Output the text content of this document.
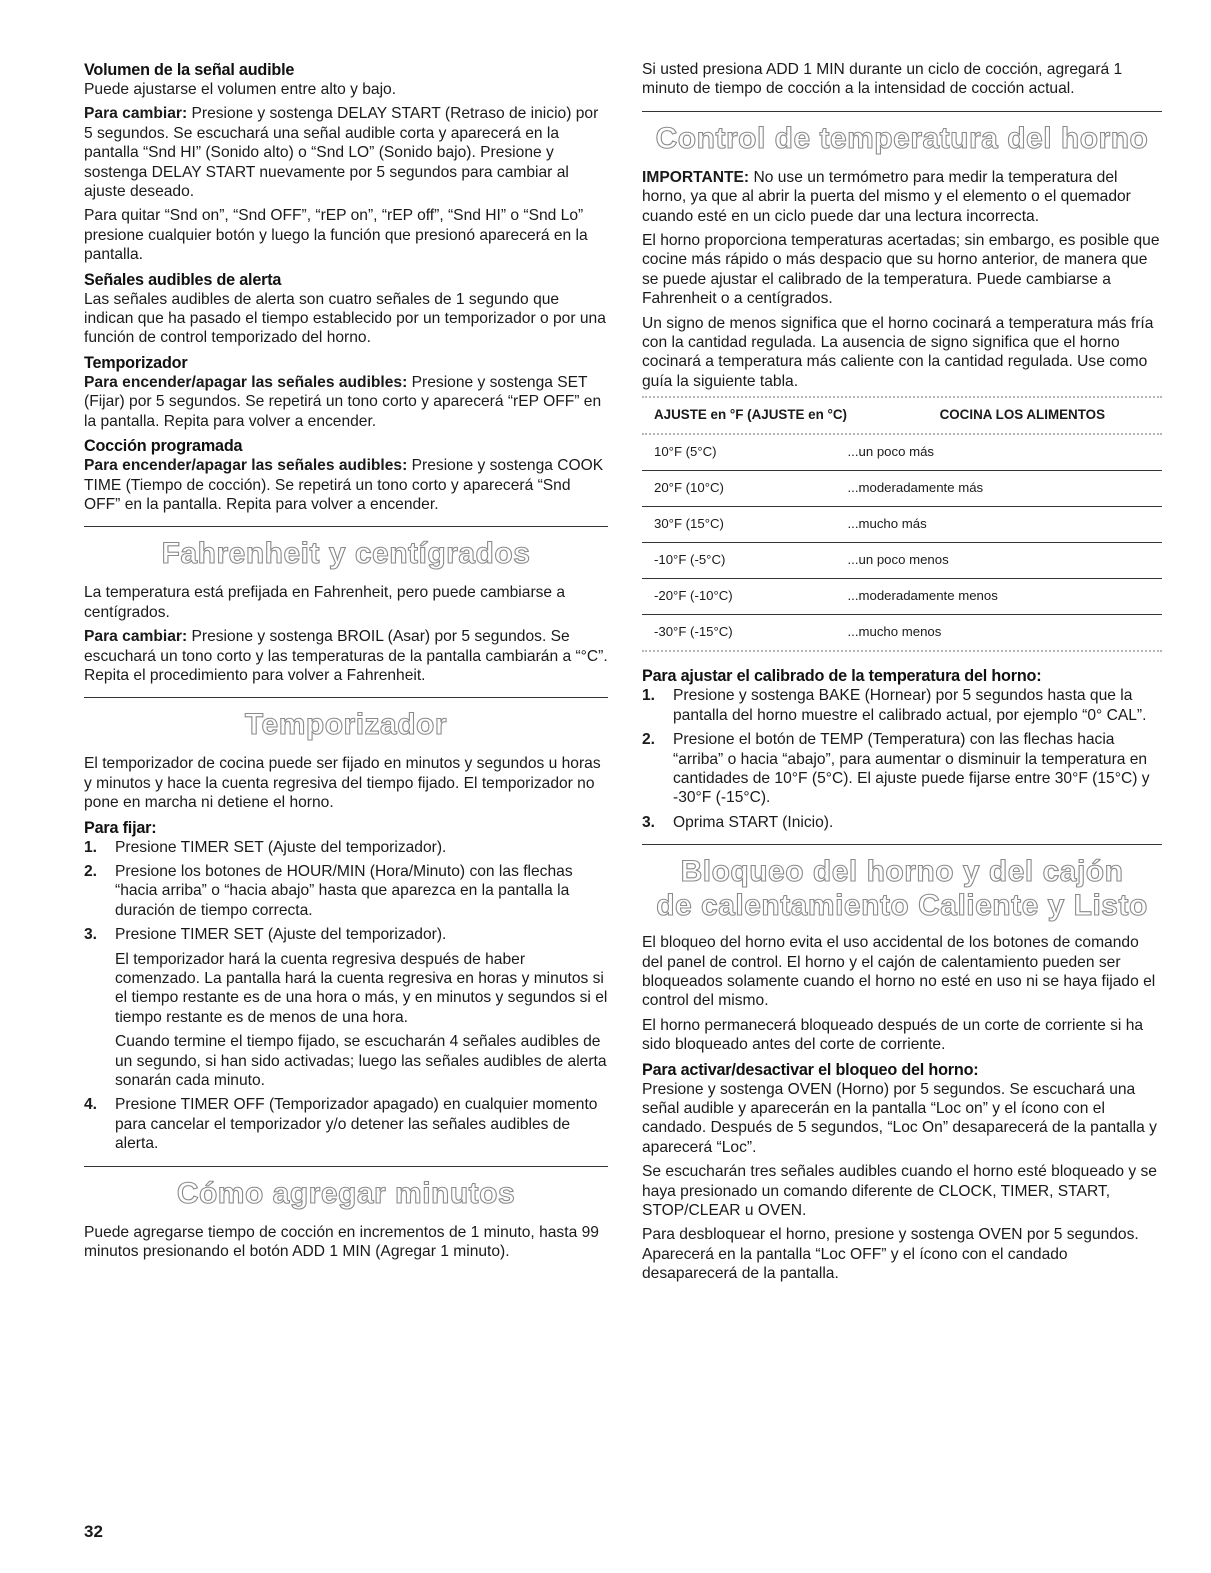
Volumen de la señal audible

Puede ajustarse el volumen entre alto y bajo.

Para cambiar: Presione y sostenga DELAY START (Retraso de inicio) por 5 segundos. Se escuchará una señal audible corta y aparecerá en la pantalla “Snd HI” (Sonido alto) o “Snd LO” (Sonido bajo). Presione y sostenga DELAY START nuevamente por 5 segundos para cambiar al ajuste deseado.

Para quitar “Snd on”, “Snd OFF”, “rEP on”, “rEP off”, “Snd HI” o “Snd Lo” presione cualquier botón y luego la función que presionó aparecerá en la pantalla.

Señales audibles de alerta

Las señales audibles de alerta son cuatro señales de 1 segundo que indican que ha pasado el tiempo establecido por un temporizador o por una función de control temporizado del horno.

Temporizador

Para encender/apagar las señales audibles: Presione y sostenga SET (Fijar) por 5 segundos. Se repetirá un tono corto y aparecerá “rEP OFF” en la pantalla. Repita para volver a encender.

Cocción programada

Para encender/apagar las señales audibles: Presione y sostenga COOK TIME (Tiempo de cocción). Se repetirá un tono corto y aparecerá “Snd OFF” en la pantalla. Repita para volver a encender.

Fahrenheit y centígrados

La temperatura está prefijada en Fahrenheit, pero puede cambiarse a centígrados.

Para cambiar: Presione y sostenga BROIL (Asar) por 5 segundos. Se escuchará un tono corto y las temperaturas de la pantalla cambiarán a “°C”. Repita el procedimiento para volver a Fahrenheit.

Temporizador

El temporizador de cocina puede ser fijado en minutos y segundos u horas y minutos y hace la cuenta regresiva del tiempo fijado. El temporizador no pone en marcha ni detiene el horno.

Para fijar:
1. Presione TIMER SET (Ajuste del temporizador).
2. Presione los botones de HOUR/MIN (Hora/Minuto) con las flechas “hacia arriba” o “hacia abajo” hasta que aparezca en la pantalla la duración de tiempo correcta.
3. Presione TIMER SET (Ajuste del temporizador).

El temporizador hará la cuenta regresiva después de haber comenzado. La pantalla hará la cuenta regresiva en horas y minutos si el tiempo restante es de una hora o más, y en minutos y segundos si el tiempo restante es de menos de una hora.

Cuando termine el tiempo fijado, se escucharán 4 señales audibles de un segundo, si han sido activadas; luego las señales audibles de alerta sonarán cada minuto.

4. Presione TIMER OFF (Temporizador apagado) en cualquier momento para cancelar el temporizador y/o detener las señales audibles de alerta.
Cómo agregar minutos

Puede agregarse tiempo de cocción en incrementos de 1 minuto, hasta 99 minutos presionando el botón ADD 1 MIN (Agregar 1 minuto).

Si usted presiona ADD 1 MIN durante un ciclo de cocción, agregará 1 minuto de tiempo de cocción a la intensidad de cocción actual.

Control de temperatura del horno

IMPORTANTE: No use un termómetro para medir la temperatura del horno, ya que al abrir la puerta del mismo y el elemento o el quemador cuando esté en un ciclo puede dar una lectura incorrecta.

El horno proporciona temperaturas acertadas; sin embargo, es posible que cocine más rápido o más despacio que su horno anterior, de manera que se puede ajustar el calibrado de la temperatura. Puede cambiarse a Fahrenheit o a centígrados.

Un signo de menos significa que el horno cocinará a temperatura más fría con la cantidad regulada. La ausencia de signo significa que el horno cocinará a temperatura más caliente con la cantidad regulada. Use como guía la siguiente tabla.

AJUSTE en °F (AJUSTE en °C)	COCINA LOS ALIMENTOS
10°F (5°C)	...un poco más
20°F (10°C)	...moderadamente más
30°F (15°C)	...mucho más
-10°F (-5°C)	...un poco menos
-20°F (-10°C)	...moderadamente menos
-30°F (-15°C)	...mucho menos
Para ajustar el calibrado de la temperatura del horno:
1. Presione y sostenga BAKE (Hornear) por 5 segundos hasta que la pantalla del horno muestre el calibrado actual, por ejemplo “0° CAL”.
2. Presione el botón de TEMP (Temperatura) con las flechas hacia “arriba” o hacia “abajo”, para aumentar o disminuir la temperatura en cantidades de 10°F (5°C). El ajuste puede fijarse entre 30°F (15°C) y -30°F (-15°C).
3. Oprima START (Inicio).
Bloqueo del horno y del cajón
de calentamiento Caliente y Listo

El bloqueo del horno evita el uso accidental de los botones de comando del panel de control. El horno y el cajón de calentamiento pueden ser bloqueados solamente cuando el horno no esté en uso ni se haya fijado el control del mismo.

El horno permanecerá bloqueado después de un corte de corriente si ha sido bloqueado antes del corte de corriente.

Para activar/desactivar el bloqueo del horno:

Presione y sostenga OVEN (Horno) por 5 segundos. Se escuchará una señal audible y aparecerán en la pantalla “Loc on” y el ícono con el candado. Después de 5 segundos, “Loc On” desaparecerá de la pantalla y aparecerá “Loc”.

Se escucharán tres señales audibles cuando el horno esté bloqueado y se haya presionado un comando diferente de CLOCK, TIMER, START, STOP/CLEAR u OVEN.

Para desbloquear el horno, presione y sostenga OVEN por 5 segundos. Aparecerá en la pantalla “Loc OFF” y el ícono con el candado desaparecerá de la pantalla.

32
